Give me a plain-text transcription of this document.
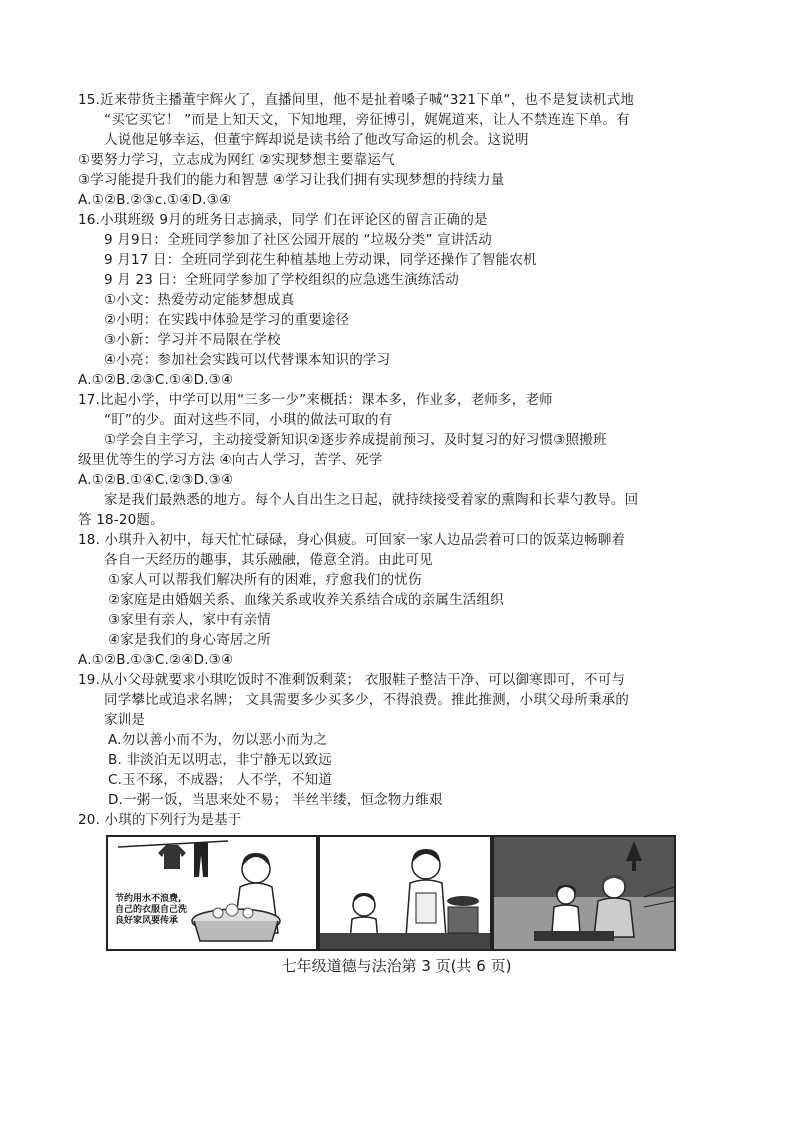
15.近来带货主播董宇辉火了，直播间里，他不是扯着嗓子喊“321下单”，也不是复读机式地
“买它买它！ ”而是上知天文，下知地理，旁征博引，娓娓道来，让人不禁连连下单。有
人说他足够幸运，但董宇辉却说是读书给了他改写命运的机会。这说明
①要努力学习，立志成为网红 ②实现梦想主要靠运气
③学习能提升我们的能力和智慧 ④学习让我们拥有实现梦想的持续力量
A.①②B.②③c.①④D.③④
16.小琪班级 9月的班务日志摘录，同学 们在评论区的留言正确的是
9 月9日：全班同学参加了社区公园开展的 “垃圾分类” 宣讲活动
9 月17 日：全班同学到花生种植基地上劳动课，同学还操作了智能农机
9 月 23 日：全班同学参加了学校组织的应急逃生演练活动
①小文：热爱劳动定能梦想成真
②小明：在实践中体验是学习的重要途径
③小新：学习并不局限在学校
④小亮：参加社会实践可以代替课本知识的学习
A.①②B.②③C.①④D.③④
17.比起小学，中学可以用“三多一少”来概括：课本多，作业多，老师多，老师
“盯”的少。面对这些不同，小琪的做法可取的有
①学会自主学习，主动接受新知识②逐步养成提前预习、及时复习的好习惯③照搬班
级里优等生的学习方法 ④向古人学习，苦学、死学
A.①②B.①④C.②③D.③④
家是我们最熟悉的地方。每个人自出生之日起，就持续接受着家的熏陶和长辈勺教导。回
答 18-20题。
18. 小琪升入初中，每天忙忙碌碌，身心俱疲。可回家一家人边品尝着可口的饭菜边畅聊着
各自一天经历的趣事，其乐融融，倦意全消。由此可见
①家人可以帮我们解决所有的困难，疗愈我们的忧伤
②家庭是由婚姻关系、血缘关系或收养关系结合成的亲属生活组织
③家里有亲人，家中有亲情
④家是我们的身心寄居之所
A.①②B.①③C.②④D.③④
19.从小父母就要求小琪吃饭时不准剩饭剩菜； 衣服鞋子整洁干净、可以御寒即可，不可与
同学攀比或追求名牌； 文具需要多少买多少，不得浪费。推此推测，小琪父母所秉承的
家训是
A.勿以善小而不为，勿以恶小而为之
B. 非淡泊无以明志，非宁静无以致远
C.玉不琢，不成器； 人不学，不知道
D.一粥一饭，当思来处不易； 半丝半缕，恒念物力维艰
20. 小琪的下列行为是基于
节约用水不浪费,
自己的衣服自己洗
良好家风要传承
七年级道德与法治第 3 页(共 6 页)
